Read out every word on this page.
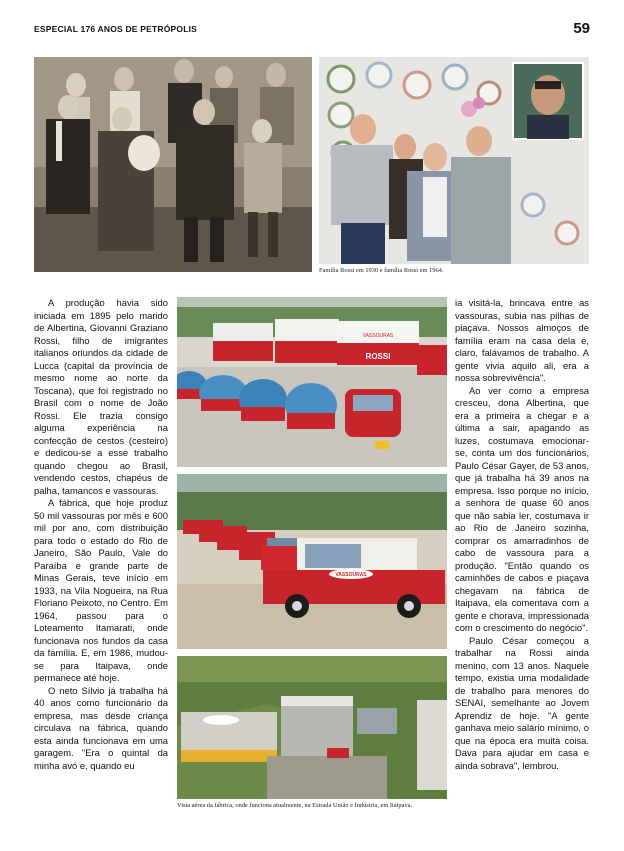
ESPECIAL 176 ANOS DE PETRÓPOLIS	59
Família Rossi em 1930 e família Rossi em 1964.

A produção havia sido iniciada em 1895 pelo marido de Albertina, Giovanni Graziano Rossi, filho de imigrantes italianos oriundos da cidade de Lucca (capital da província de mesmo nome ao norte da Toscana), que foi registrado no Brasil com o nome de João Rossi. Ele trazia consigo alguma experiência na confecção de cestos (cesteiro) e dedicou-se a esse trabalho quando chegou ao Brasil, vendendo cestos, chapéus de palha, tamancos e vassouras.

A fábrica, que hoje produz 50 mil vassouras por mês e 600 mil por ano, com distribuição para todo o estado do Rio de Janeiro, São Paulo, Vale do Paraíba e grande parte de Minas Gerais, teve início em 1933, na Vila Nogueira, na Rua Floriano Peixoto, no Centro. Em 1964, passou para o Loteamento Itamarati, onde funcionava nos fundos da casa da família. E, em 1986, mudou-se para Itaipava, onde permanece até hoje.

O neto Sílvio já trabalha há 40 anos como funcionário da empresa, mas desde criança circulava na fábrica, quando esta ainda funcionava em uma garagem. "Era o quintal da minha avó e, quando eu

VASSOURAS
ROSSI
VASSOURAS
Vista aérea da fábrica, onde funciona atualmente, na Estrada União e Indústria, em Itaipava.

ia visitá-la, brincava entre as vassouras, subia nas pilhas de piaçava. Nossos almoços de família eram na casa dela e, claro, falávamos de trabalho. A gente vivia aquilo ali, era a nossa sobrevivência".

Ao ver como a empresa cresceu, dona Albertina, que era a primeira a chegar e a última a sair, apagando as luzes, costumava emocionar-se, conta um dos funcionários, Paulo César Gayer, de 53 anos, que já trabalha há 39 anos na empresa. Isso porque no início, a senhora de quase 60 anos que não sabia ler, costumava ir ao Rio de Janeiro sozinha, comprar os amarradinhos de cabo de vassoura para a produção. "Então quando os caminhões de cabos e piaçava chegavam na fábrica de Itaipava, ela comentava com a gente e chorava, impressionada com o crescimento do negócio".

Paulo César começou a trabalhar na Rossi ainda menino, com 13 anos. Naquele tempo, existia uma modalidade de trabalho para menores do SENAI, semelhante ao Jovem Aprendiz de hoje. "A gente ganhava meio salário mínimo, o que na época era muita coisa. Dava para ajudar em casa e ainda sobrava", lembrou.
